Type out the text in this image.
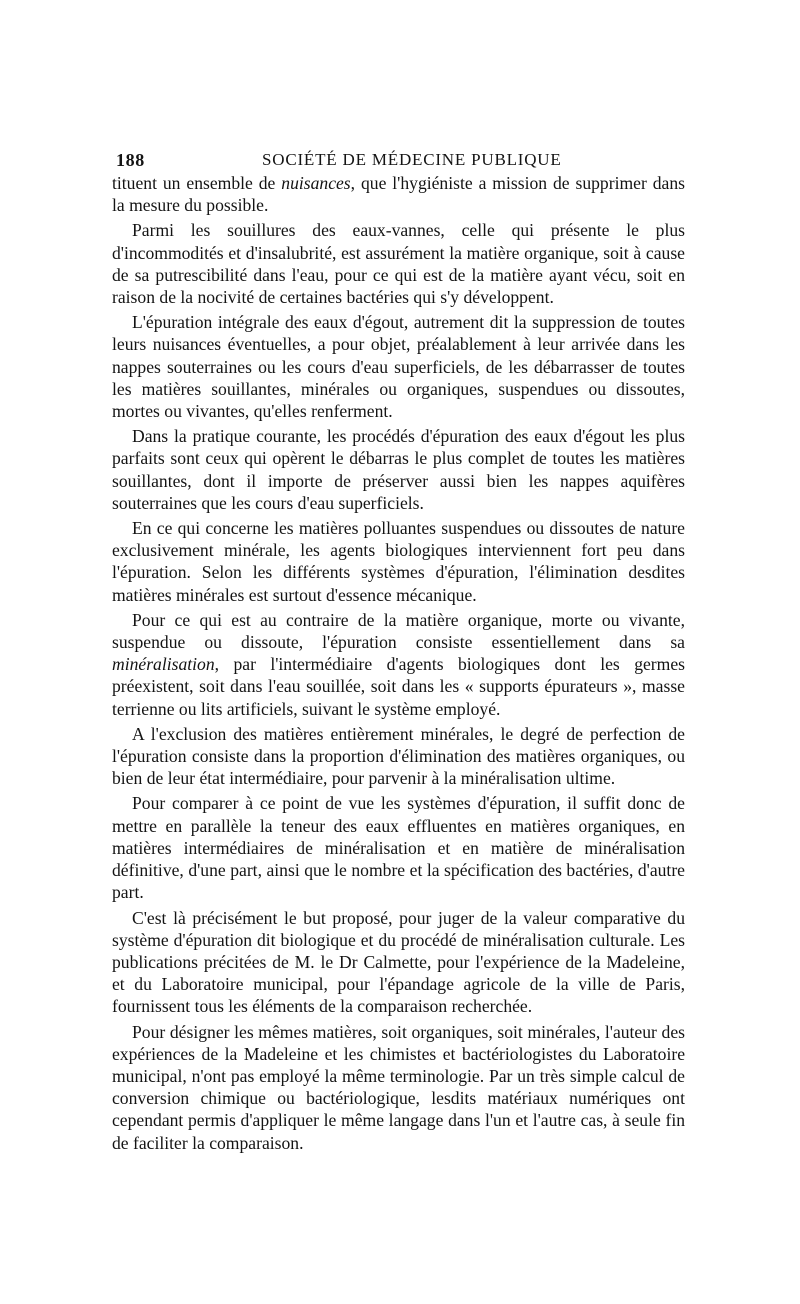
188	SOCIÉTÉ DE MÉDECINE PUBLIQUE

tituent un ensemble de nuisances, que l'hygiéniste a mission de supprimer dans la mesure du possible.

Parmi les souillures des eaux-vannes, celle qui présente le plus d'incommodités et d'insalubrité, est assurément la matière organique, soit à cause de sa putrescibilité dans l'eau, pour ce qui est de la matière ayant vécu, soit en raison de la nocivité de certaines bactéries qui s'y développent.

L'épuration intégrale des eaux d'égout, autrement dit la suppression de toutes leurs nuisances éventuelles, a pour objet, préalablement à leur arrivée dans les nappes souterraines ou les cours d'eau superficiels, de les débarrasser de toutes les matières souillantes, minérales ou organiques, suspendues ou dissoutes, mortes ou vivantes, qu'elles renferment.

Dans la pratique courante, les procédés d'épuration des eaux d'égout les plus parfaits sont ceux qui opèrent le débarras le plus complet de toutes les matières souillantes, dont il importe de préserver aussi bien les nappes aquifères souterraines que les cours d'eau superficiels.

En ce qui concerne les matières polluantes suspendues ou dissoutes de nature exclusivement minérale, les agents biologiques interviennent fort peu dans l'épuration. Selon les différents systèmes d'épuration, l'élimination desdites matières minérales est surtout d'essence mécanique.

Pour ce qui est au contraire de la matière organique, morte ou vivante, suspendue ou dissoute, l'épuration consiste essentiellement dans sa minéralisation, par l'intermédiaire d'agents biologiques dont les germes préexistent, soit dans l'eau souillée, soit dans les « supports épurateurs », masse terrienne ou lits artificiels, suivant le système employé.

A l'exclusion des matières entièrement minérales, le degré de perfection de l'épuration consiste dans la proportion d'élimination des matières organiques, ou bien de leur état intermédiaire, pour parvenir à la minéralisation ultime.

Pour comparer à ce point de vue les systèmes d'épuration, il suffit donc de mettre en parallèle la teneur des eaux effluentes en matières organiques, en matières intermédiaires de minéralisation et en matière de minéralisation définitive, d'une part, ainsi que le nombre et la spécification des bactéries, d'autre part.

C'est là précisément le but proposé, pour juger de la valeur comparative du système d'épuration dit biologique et du procédé de minéralisation culturale. Les publications précitées de M. le Dr Calmette, pour l'expérience de la Madeleine, et du Laboratoire municipal, pour l'épandage agricole de la ville de Paris, fournissent tous les éléments de la comparaison recherchée.

Pour désigner les mêmes matières, soit organiques, soit minérales, l'auteur des expériences de la Madeleine et les chimistes et bactériologistes du Laboratoire municipal, n'ont pas employé la même terminologie. Par un très simple calcul de conversion chimique ou bactériologique, lesdits matériaux numériques ont cependant permis d'appliquer le même langage dans l'un et l'autre cas, à seule fin de faciliter la comparaison.
